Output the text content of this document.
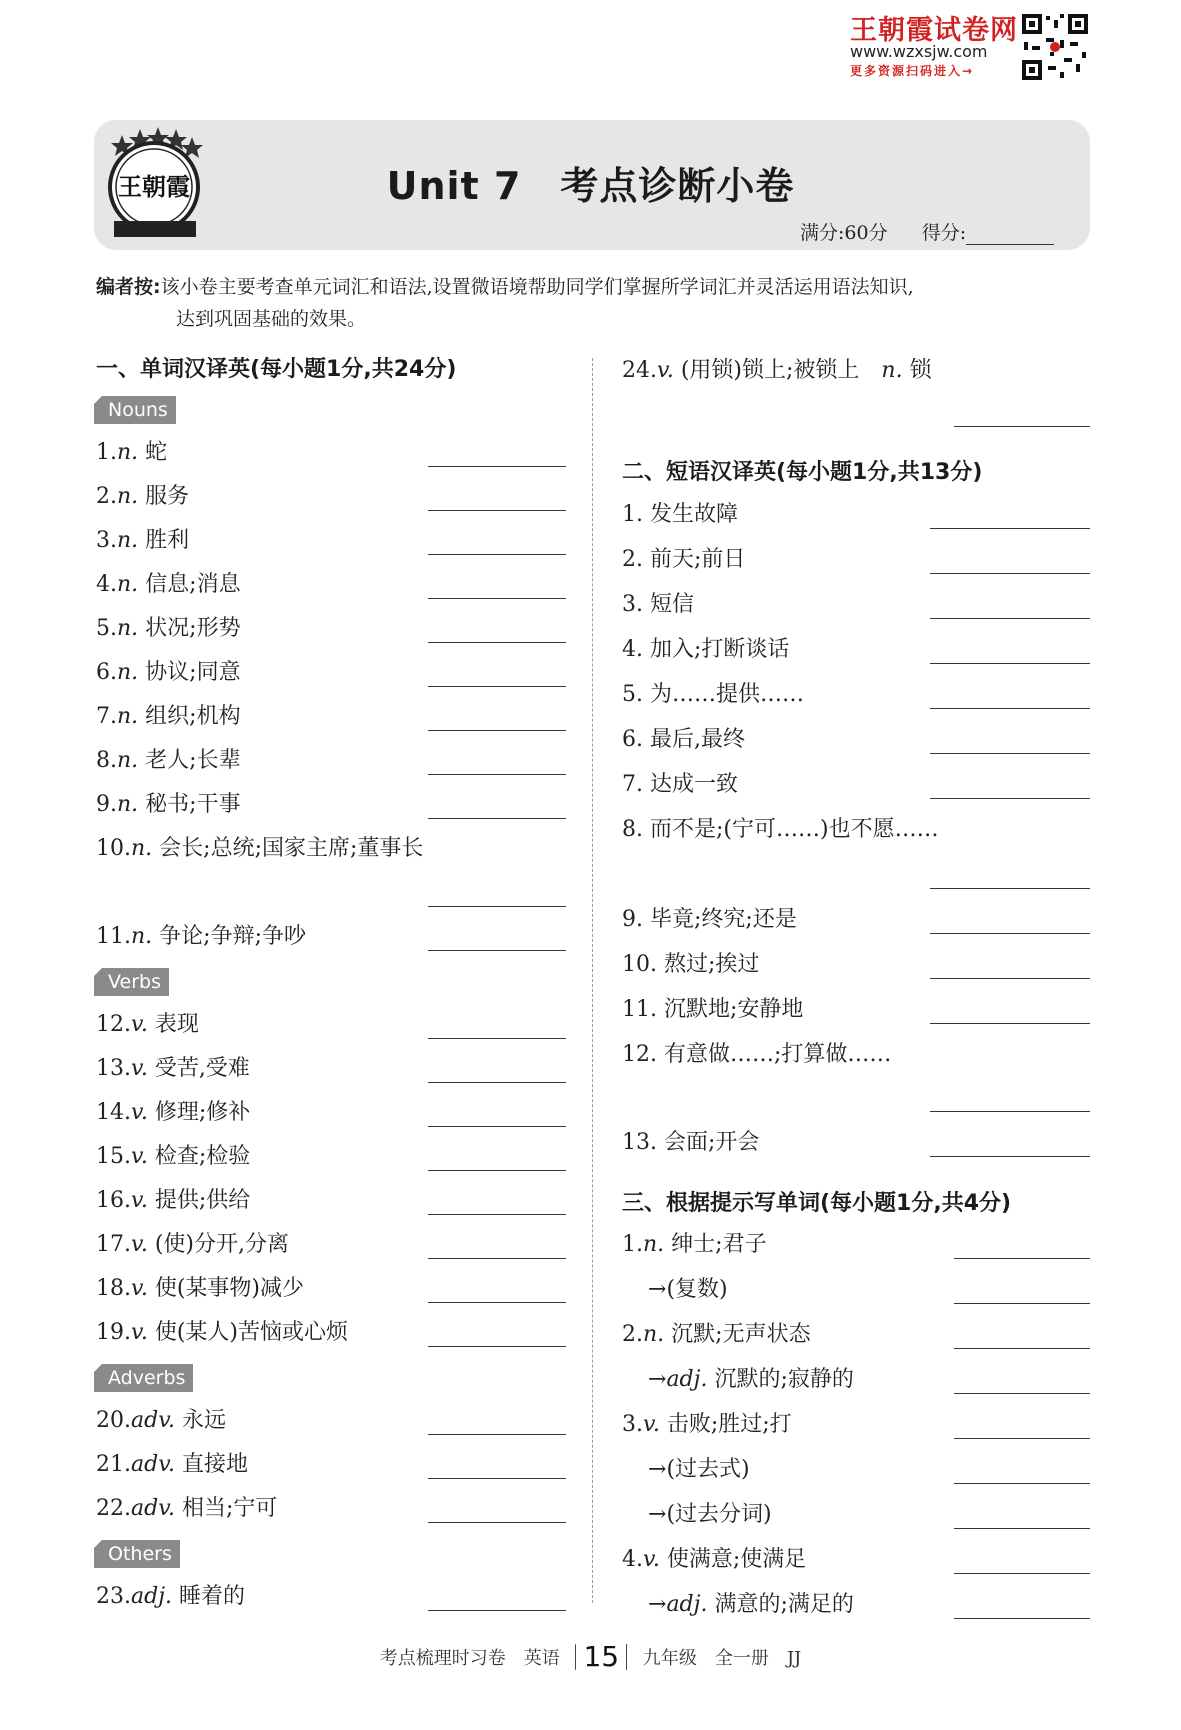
王朝霞试卷网
www.wzxsjw.com
更多资源扫码进入→
王朝霞	Unit 7　考点诊断小卷
满分:60分 得分:
编者按:该小卷主要考查单元词汇和语法,设置微语境帮助同学们掌握所学词汇并灵活运用语法知识,
达到巩固基础的效果。
一、单词汉译英(每小题1分,共24分)
Nouns
1.n. 蛇
2.n. 服务
3.n. 胜利
4.n. 信息;消息
5.n. 状况;形势
6.n. 协议;同意
7.n. 组织;机构
8.n. 老人;长辈
9.n. 秘书;干事
10.n. 会长;总统;国家主席;董事长
11.n. 争论;争辩;争吵
Verbs
12.v. 表现
13.v. 受苦,受难
14.v. 修理;修补
15.v. 检查;检验
16.v. 提供;供给
17.v. (使)分开,分离
18.v. 使(某事物)减少
19.v. 使(某人)苦恼或心烦
Adverbs
20.adv. 永远
21.adv. 直接地
22.adv. 相当;宁可
Others
23.adj. 睡着的
24.v. (用锁)锁上;被锁上　 n. 锁
二、短语汉译英(每小题1分,共13分)
1. 发生故障
2. 前天;前日
3. 短信
4. 加入;打断谈话
5. 为……提供……
6. 最后,最终
7. 达成一致
8. 而不是;(宁可……)也不愿……
9. 毕竟;终究;还是
10. 熬过;挨过
11. 沉默地;安静地
12. 有意做……;打算做……
13. 会面;开会
三、根据提示写单词(每小题1分,共4分)
1.n. 绅士;君子
→(复数)
2.n. 沉默;无声状态
→adj. 沉默的;寂静的
3.v. 击败;胜过;打
→(过去式)
→(过去分词)
4.v. 使满意;使满足
→adj. 满意的;满足的
考点梳理时习卷　英语 15 九年级　全一册　JJ
